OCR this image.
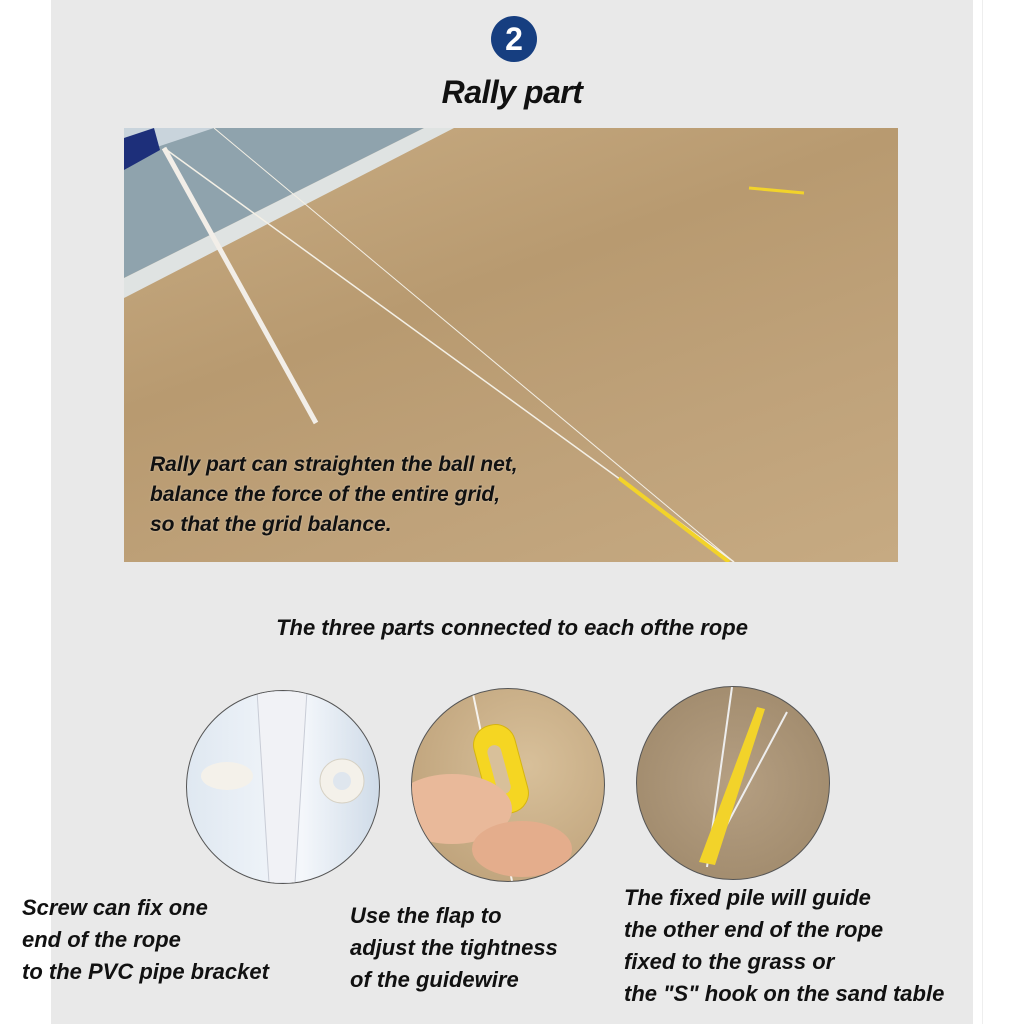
2
Rally part
Rally part can straighten the ball net,
balance the force of the entire grid,
so that the grid balance.
The three parts connected to each ofthe rope
Screw can fix one
end of the rope
to the PVC pipe bracket
Use the flap to
adjust the tightness
of the guidewire
The fixed pile will guide
the other end of the rope
fixed to the grass or
the "S" hook on the sand table
